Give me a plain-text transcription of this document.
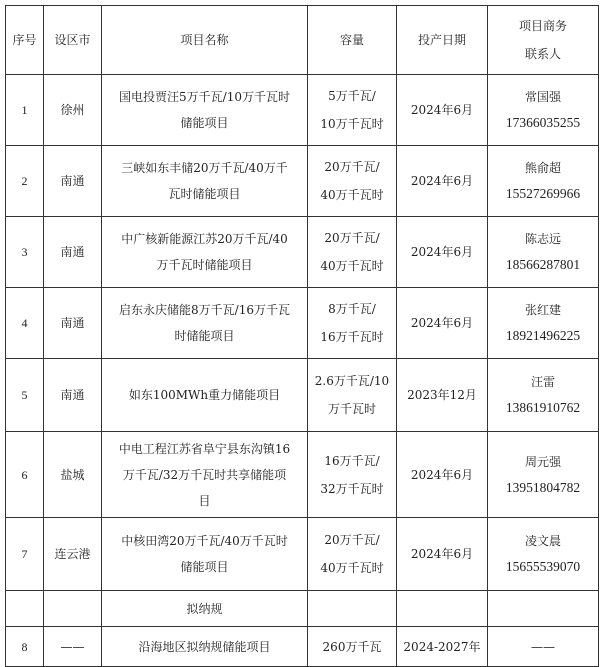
序号	设区市	项目名称	容量	投产日期	项目商务
联系人

1	徐州	国电投贾汪5万千瓦/10万千瓦时
储能项目	5万千瓦/
10万千瓦时	2024年6月	常国强
17366035255

2	南通	三峡如东丰储20万千瓦/40万千
瓦时储能项目	20万千瓦/
40万千瓦时	2024年6月	熊俞超
15527269966

3	南通	中广核新能源江苏20万千瓦/40
万千瓦时储能项目	20万千瓦/
40万千瓦时	2024年6月	陈志远
18566287801

4	南通	启东永庆储能8万千瓦/16万千瓦
时储能项目	8万千瓦/
16万千瓦时	2024年6月	张红建
18921496225

5	南通	如东100MWh重力储能项目	2.6万千瓦/10
万千瓦时	2023年12月	汪雷
13861910762

6	盐城	中电工程江苏省阜宁县东沟镇16
万千瓦/32万千瓦时共享储能项
目	16万千瓦/
32万千瓦时	2024年6月	周元强
13951804782

7	连云港	中核田湾20万千瓦/40万千瓦时
储能项目	20万千瓦/
40万千瓦时	2024年6月	凌文晨
15655539070

		拟纳规			
8	——	沿海地区拟纳规储能项目	260万千瓦	2024-2027年	——
